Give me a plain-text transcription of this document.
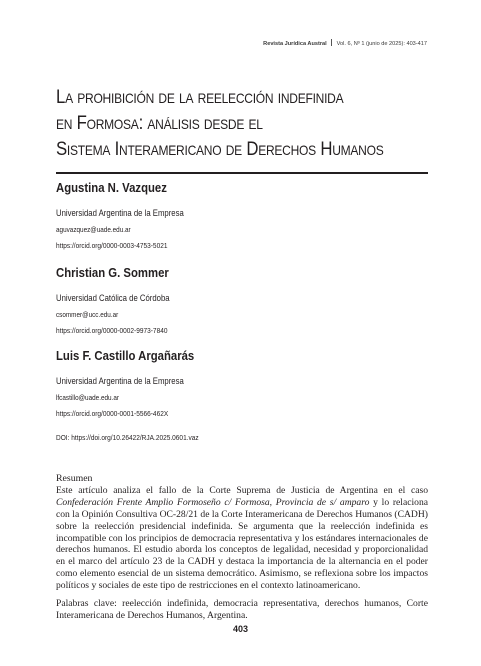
Revista Jurídica Austral Vol. 6, Nº 1 (junio de 2025): 403-417
La prohibición de la reelección indefinida
en Formosa: análisis desde el
Sistema Interamericano de Derechos Humanos
Agustina N. Vazquez
Universidad Argentina de la Empresa
aguvazquez@uade.edu.ar
https://orcid.org/0000-0003-4753-5021
Christian G. Sommer
Universidad Católica de Córdoba
csommer@ucc.edu.ar
https://orcid.org/0000-0002-9973-7840
Luis F. Castillo Argañarás
Universidad Argentina de la Empresa
lfcastillo@uade.edu.ar
https://orcid.org/0000-0001-5566-462X
DOI: https://doi.org/10.26422/RJA.2025.0601.vaz
Resumen

Este artículo analiza el fallo de la Corte Suprema de Justicia de Argentina en el caso Confederación Frente Amplio Formoseño c/ Formosa, Provincia de s/ amparo y lo relaciona con la Opinión Consultiva OC-28/21 de la Corte Interamericana de Derechos Humanos (CADH) sobre la reelección presidencial indefinida. Se argumenta que la reelección indefinida es incompatible con los principios de democracia representativa y los estándares internacionales de derechos humanos. El estudio aborda los conceptos de legalidad, necesidad y proporcionalidad en el marco del artículo 23 de la CADH y destaca la importancia de la alternancia en el poder como elemento esencial de un sistema democrático. Asimismo, se reflexiona sobre los impactos políticos y sociales de este tipo de restricciones en el contexto latinoamericano.

Palabras clave: reelección indefinida, democracia representativa, derechos humanos, Corte Interamericana de Derechos Humanos, Argentina.

403
